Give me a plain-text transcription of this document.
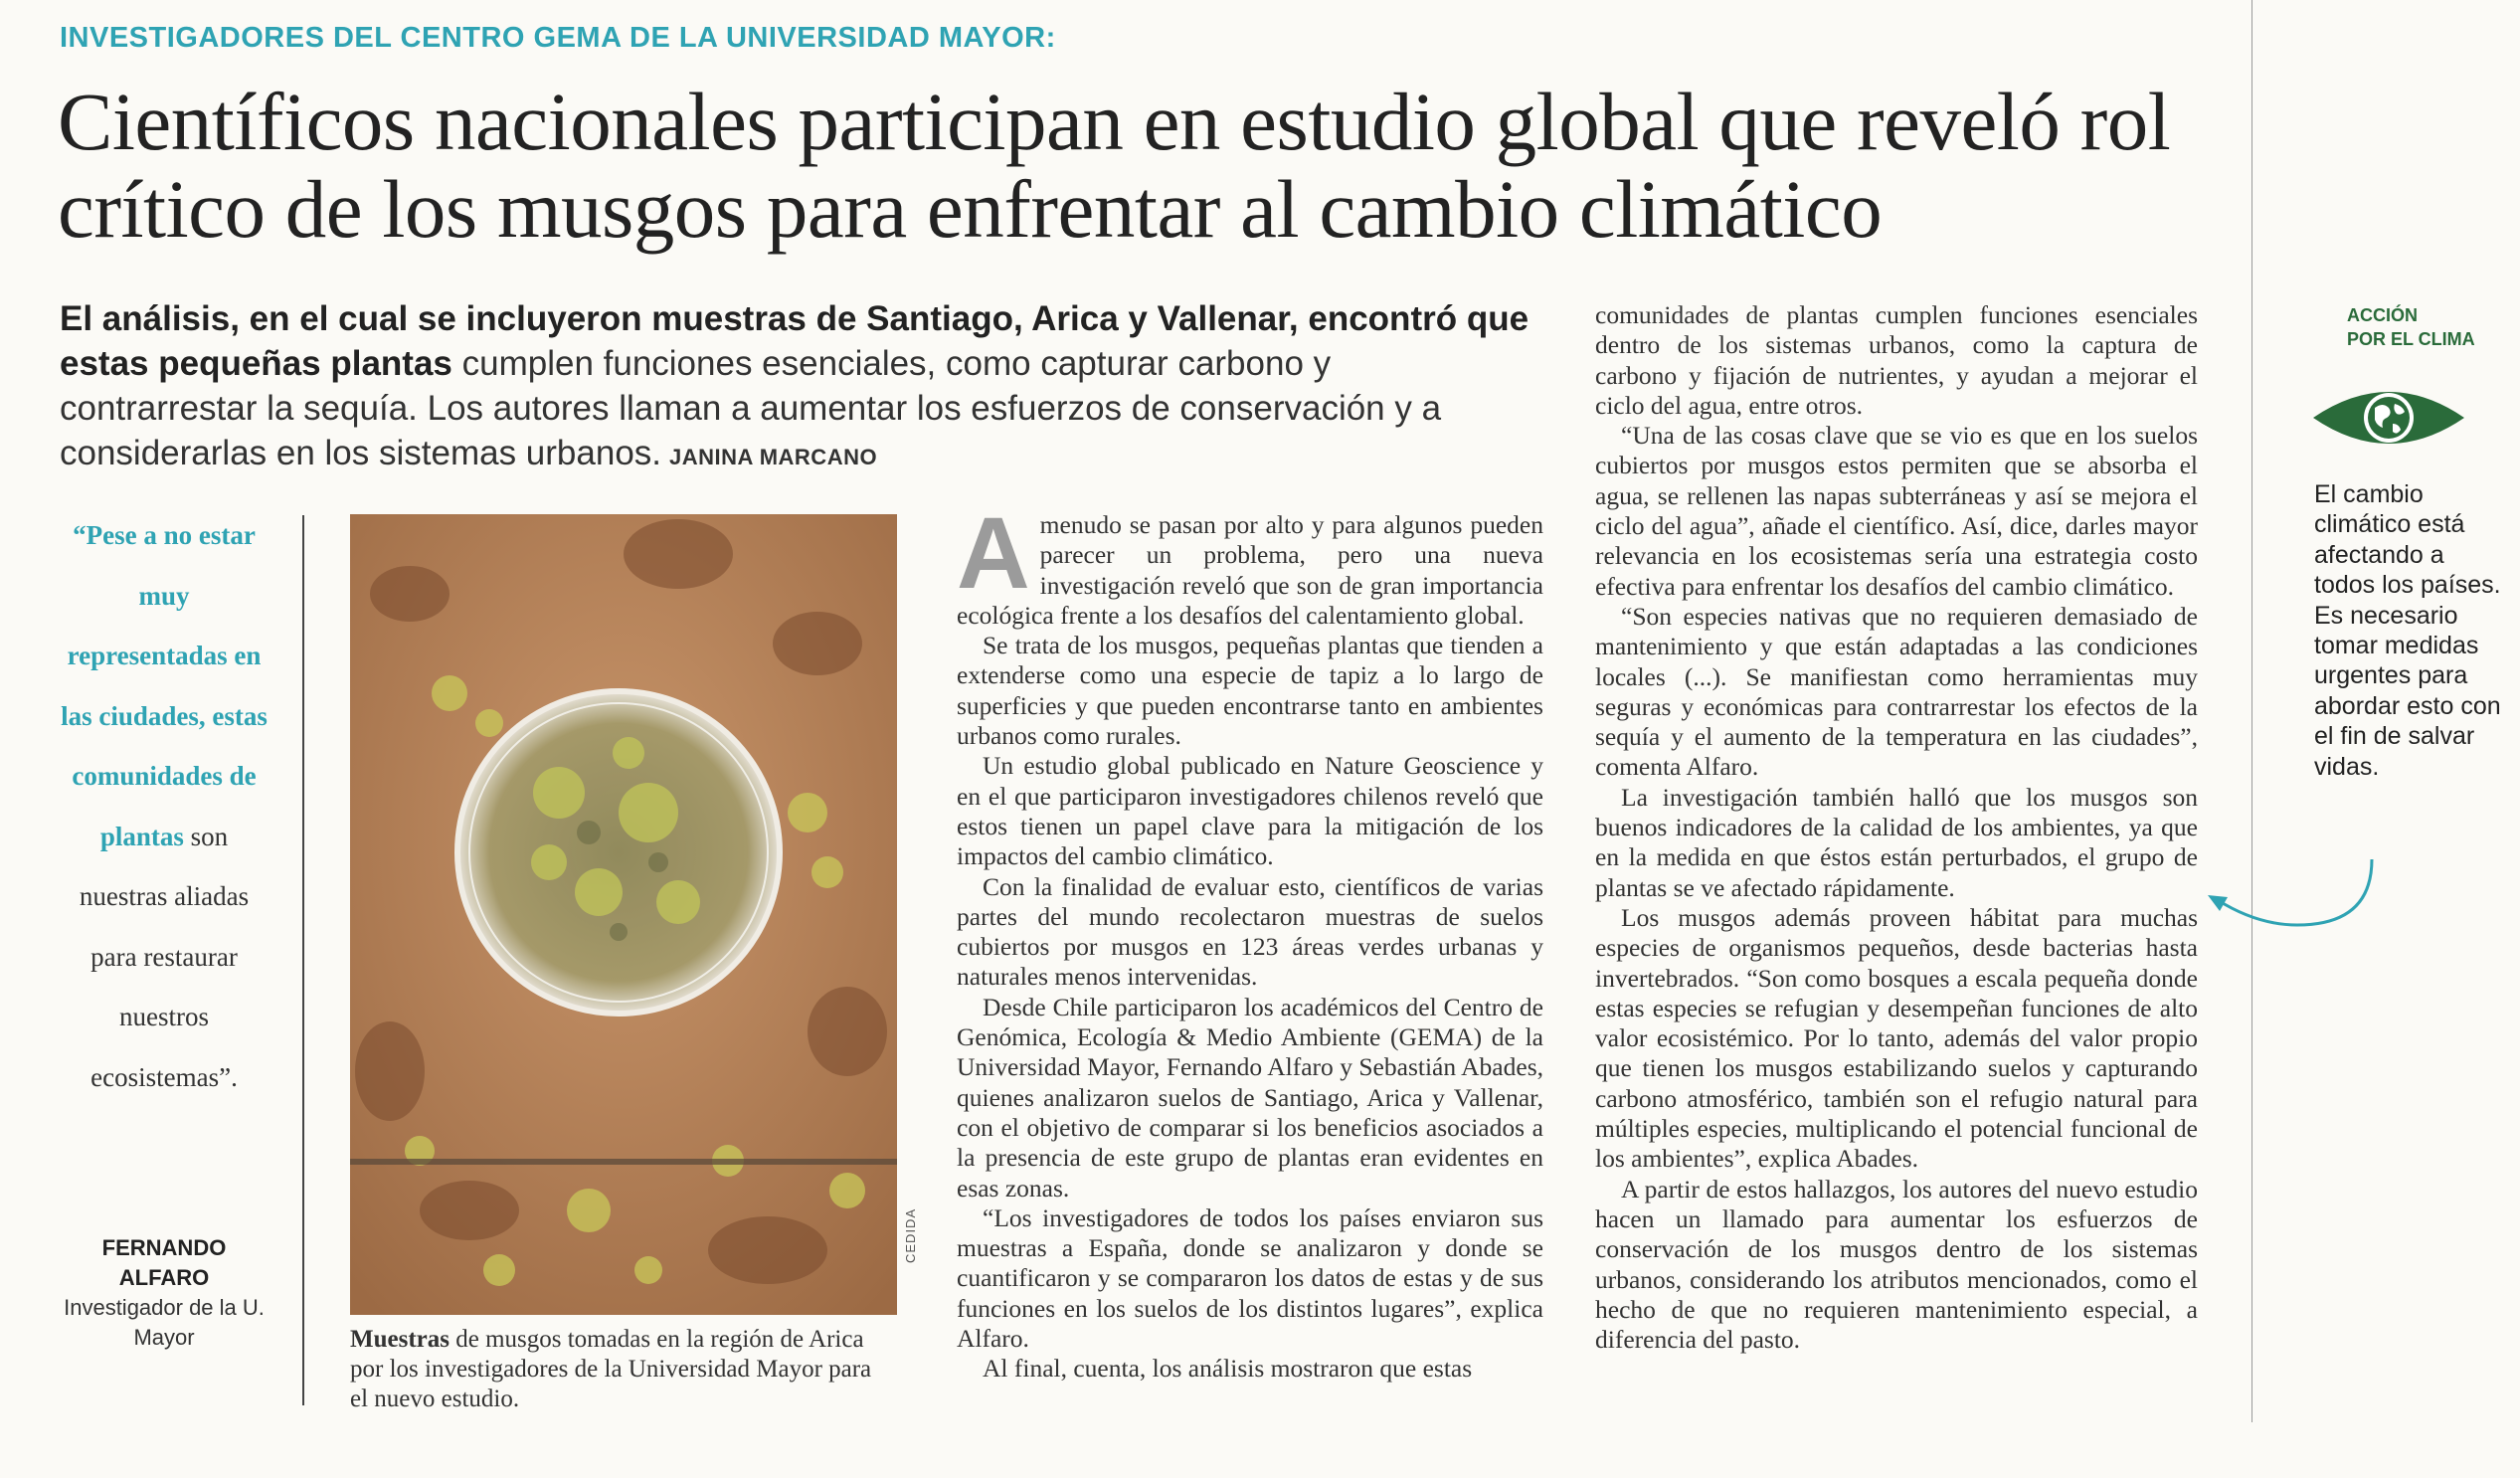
INVESTIGADORES DEL CENTRO GEMA DE LA UNIVERSIDAD MAYOR:
Científicos nacionales participan en estudio global que reveló rol crítico de los musgos para enfrentar al cambio climático
El análisis, en el cual se incluyeron muestras de Santiago, Arica y Vallenar, encontró que estas pequeñas plantas cumplen funciones esenciales, como capturar carbono y contrarrestar la sequía. Los autores llaman a aumentar los esfuerzos de conservación y a considerarlas en los sistemas urbanos. JANINA MARCANO
“Pese a no estar muy representadas en las ciudades, estas comunidades de plantas son nuestras aliadas para restaurar nuestros ecosistemas”.
FERNANDO ALFARO
Investigador de la U. Mayor
CEDIDA
Muestras de musgos tomadas en la región de Arica por los investigadores de la Universidad Mayor para el nuevo estudio.

Amenudo se pasan por alto y para algunos pueden parecer un problema, pero una nueva investigación reveló que son de gran importancia ecológica frente a los desafíos del calentamiento global.

Se trata de los musgos, pequeñas plantas que tienden a extenderse como una especie de tapiz a lo largo de superficies y que pueden encontrarse tanto en ambientes urbanos como rurales.

Un estudio global publicado en Nature Geoscience y en el que participaron investigadores chilenos reveló que estos tienen un papel clave para la mitigación de los impactos del cambio climático.

Con la finalidad de evaluar esto, científicos de varias partes del mundo recolectaron muestras de suelos cubiertos por musgos en 123 áreas verdes urbanas y naturales menos intervenidas.

Desde Chile participaron los académicos del Centro de Genómica, Ecología & Medio Ambiente (GEMA) de la Universidad Mayor, Fernando Alfaro y Sebastián Abades, quienes analizaron suelos de Santiago, Arica y Vallenar, con el objetivo de comparar si los beneficios asociados a la presencia de este grupo de plantas eran evidentes en esas zonas.

“Los investigadores de todos los países enviaron sus muestras a España, donde se analizaron y donde se cuantificaron y se compararon los datos de estas y de sus funciones en los suelos de los distintos lugares”, explica Alfaro.

Al final, cuenta, los análisis mostraron que estas

comunidades de plantas cumplen funciones esenciales dentro de los sistemas urbanos, como la captura de carbono y fijación de nutrientes, y ayudan a mejorar el ciclo del agua, entre otros.

“Una de las cosas clave que se vio es que en los suelos cubiertos por musgos estos permiten que se absorba el agua, se rellenen las napas subterráneas y así se mejora el ciclo del agua”, añade el científico. Así, dice, darles mayor relevancia en los ecosistemas sería una estrategia costo efectiva para enfrentar los desafíos del cambio climático.

“Son especies nativas que no requieren demasiado de mantenimiento y que están adaptadas a las condiciones locales (...). Se manifiestan como herramientas muy seguras y económicas para contrarrestar los efectos de la sequía y el aumento de la temperatura en las ciudades”, comenta Alfaro.

La investigación también halló que los musgos son buenos indicadores de la calidad de los ambientes, ya que en la medida en que éstos están perturbados, el grupo de plantas se ve afectado rápidamente.

Los musgos además proveen hábitat para muchas especies de organismos pequeños, desde bacterias hasta invertebrados. “Son como bosques a escala pequeña donde estas especies se refugian y desempeñan funciones de alto valor ecosistémico. Por lo tanto, además del valor propio que tienen los musgos estabilizando suelos y capturando carbono atmosférico, también son el refugio natural para múltiples especies, multiplicando el potencial funcional de los ambientes”, explica Abades.

A partir de estos hallazgos, los autores del nuevo estudio hacen un llamado para aumentar los esfuerzos de conservación de los musgos dentro de los sistemas urbanos, considerando los atributos mencionados, como el hecho de que no requieren mantenimiento especial, a diferencia del pasto.

ACCIÓN
POR EL CLIMA
El cambio climático está afectando a todos los países. Es necesario tomar medidas urgentes para abordar esto con el fin de salvar vidas.
